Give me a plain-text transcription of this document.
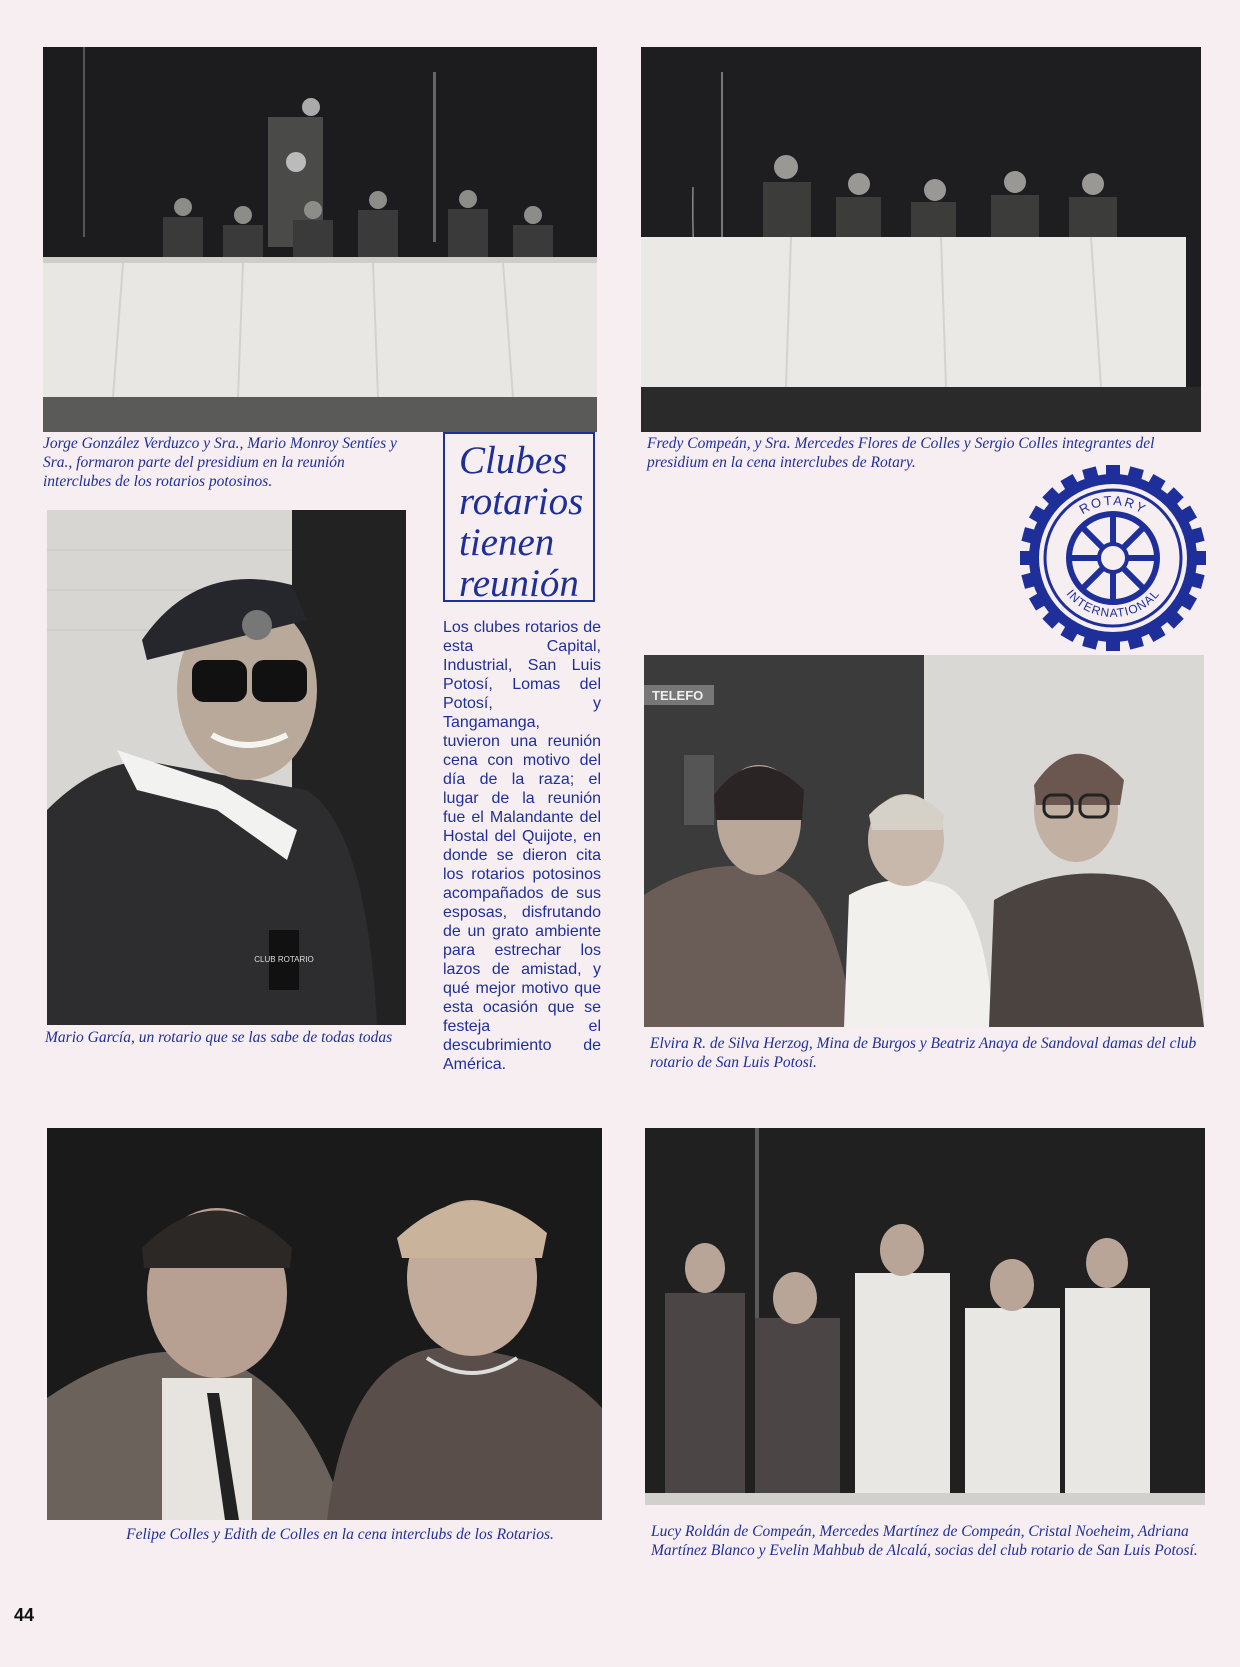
Jorge González Verduzco y Sra., Mario Monroy Sentíes y Sra., formaron parte del presidium en la reunión interclubes de los rotarios potosinos.
Fredy Compeán, y Sra. Mercedes Flores de Colles y Sergio Colles integrantes del presidium en la cena interclubes de Rotary.
Clubes
rotarios
tienen
reunión
Los clubes rotarios de esta Capital, Industrial, San Luis Potosí, Lomas del Potosí, y Tangamanga, tuvieron una reunión cena con motivo del día de la raza; el lugar de la reunión fue el Malandante del Hostal del Quijote, en donde se dieron cita los rotarios potosinos acompañados de sus esposas, disfrutando de un grato ambiente para estrechar los lazos de amistad, y qué mejor motivo que esta ocasión que se festeja el descubrimiento de América.
CLUB ROTARIO
Mario García, un rotario que se las sabe de todas todas
ROTARY
INTERNATIONAL
TELEFO
Elvira R. de Silva Herzog, Mina de Burgos y Beatriz Anaya de Sandoval damas del club rotario de San Luis Potosí.
Felipe Colles y Edith de Colles en la cena interclubs de los Rotarios.	Lucy Roldán de Compeán, Mercedes Martínez de Compeán, Cristal Noeheim, Adriana Martínez Blanco y Evelin Mahbub de Alcalá, socias del club rotario de San Luis Potosí.
44
